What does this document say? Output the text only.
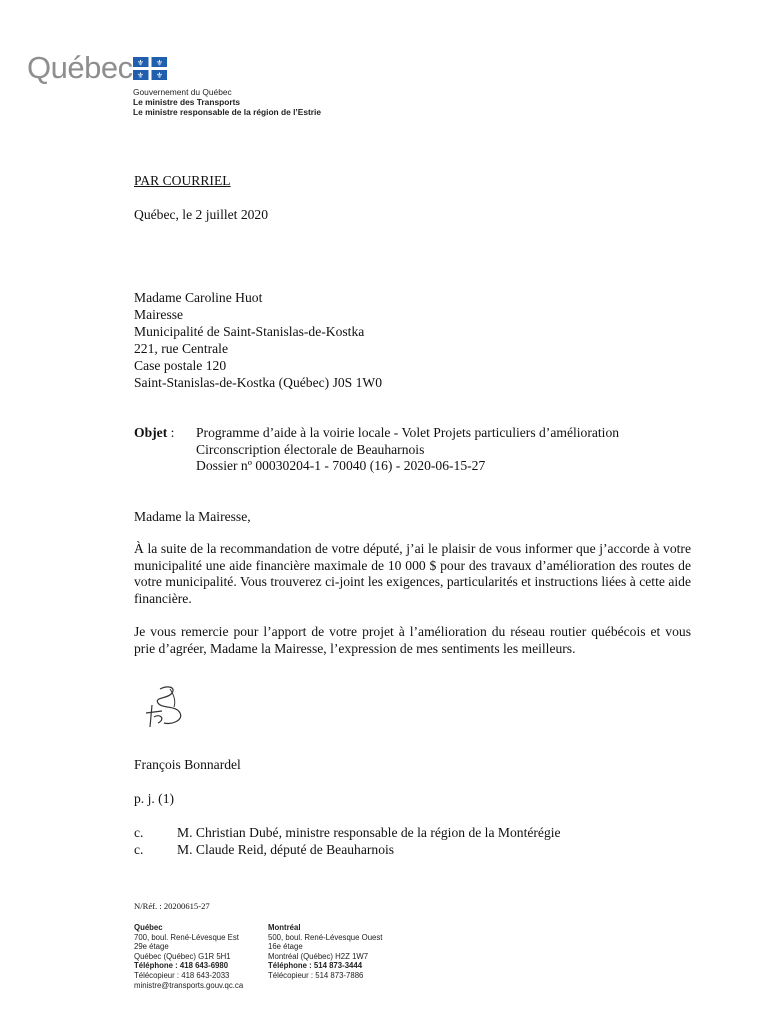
Québec ⚜ ⚜
⚜ ⚜
Gouvernement du Québec
Le ministre des Transports
Le ministre responsable de la région de l’Estrie
PAR COURRIEL
Québec, le 2 juillet 2020
Madame Caroline Huot
Mairesse
Municipalité de Saint-Stanislas-de-Kostka
221, rue Centrale
Case postale 120
Saint-Stanislas-de-Kostka (Québec) J0S 1W0
Objet : Programme d’aide à la voirie locale - Volet Projets particuliers d’amélioration
Circonscription électorale de Beauharnois
Dossier nº 00030204-1 - 70040 (16) - 2020-06-15-27
Madame la Mairesse,
À la suite de la recommandation de votre député, j’ai le plaisir de vous informer que j’accorde à votre municipalité une aide financière maximale de 10 000 $ pour des travaux d’amélioration des routes de votre municipalité. Vous trouverez ci-joint les exigences, particularités et instructions liées à cette aide financière.
Je vous remercie pour l’apport de votre projet à l’amélioration du réseau routier québécois et vous prie d’agréer, Madame la Mairesse, l’expression de mes sentiments les meilleurs.
François Bonnardel
p. j. (1)
c. c.
M. Christian Dubé, ministre responsable de la région de la Montérégie
M. Claude Reid, député de Beauharnois
N/Réf. : 20200615-27
Québec
700, boul. René-Lévesque Est
29e étage
Québec (Québec) G1R 5H1
Téléphone : 418 643-6980
Télécopieur : 418 643-2033
ministre@transports.gouv.qc.ca
Montréal
500, boul. René-Lévesque Ouest
16e étage
Montréal (Québec) H2Z 1W7
Téléphone : 514 873-3444
Télécopieur : 514 873-7886
